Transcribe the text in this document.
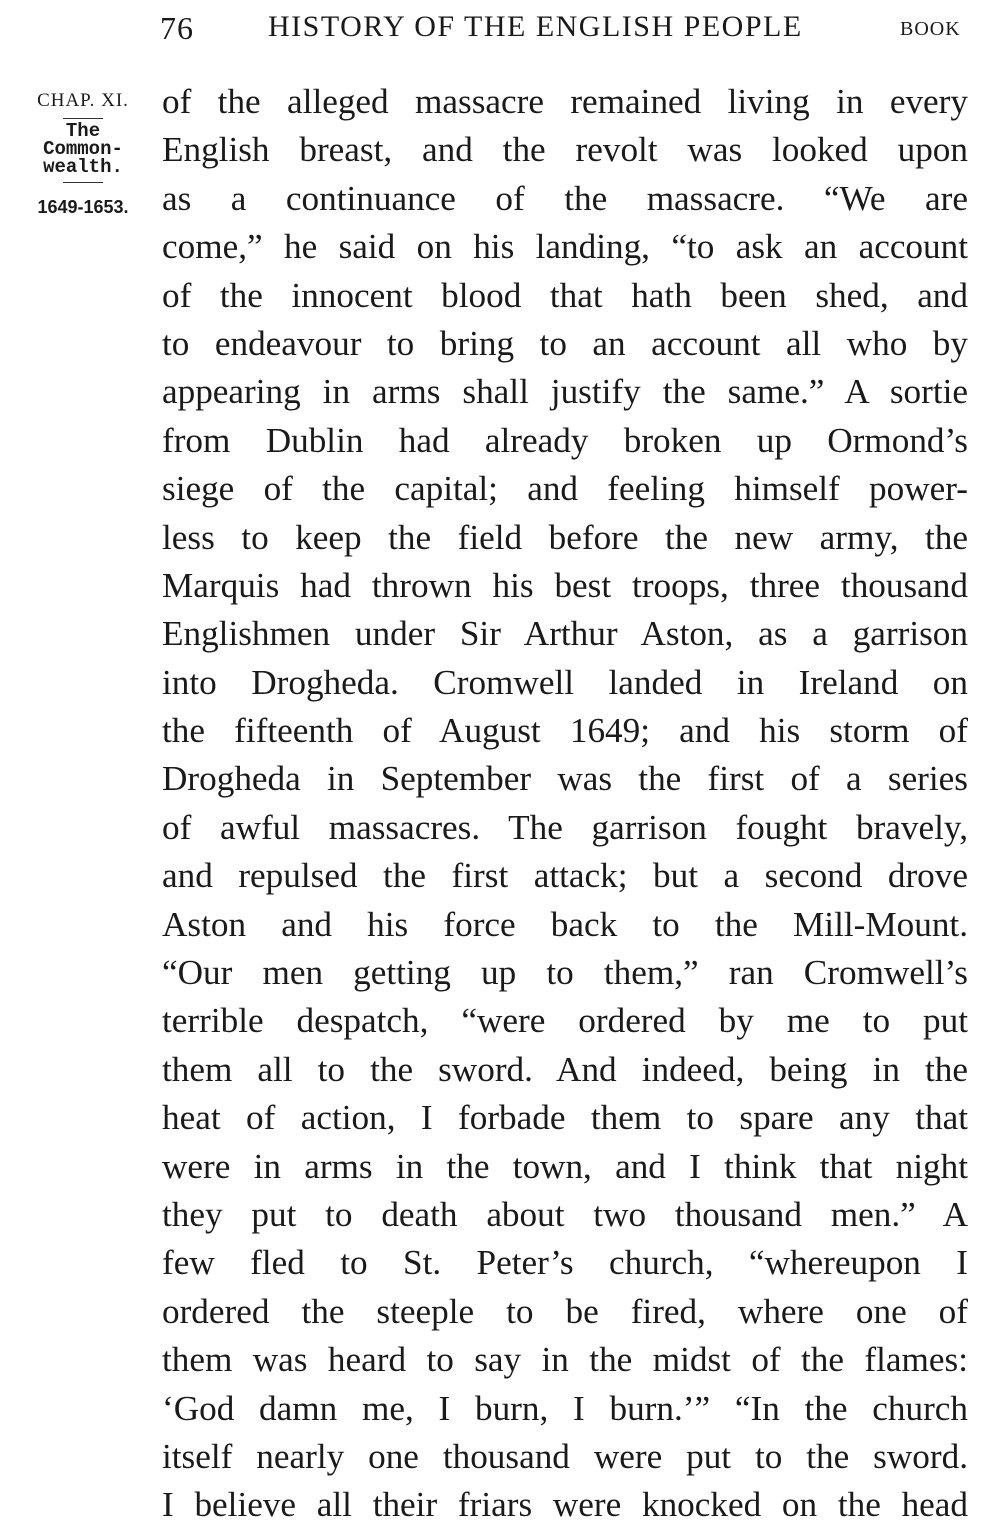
76 HISTORY OF THE ENGLISH PEOPLE	BOOK
CHAP. XI.
The
Common-
wealth.
1649-1653.
of the alleged massacre remained living in every
English breast, and the revolt was looked upon
as a continuance of the massacre. “We are
come,” he said on his landing, “to ask an account
of the innocent blood that hath been shed, and
to endeavour to bring to an account all who by
appearing in arms shall justify the same.” A sortie
from Dublin had already broken up Ormond’s
siege of the capital; and feeling himself power-
less to keep the field before the new army, the
Marquis had thrown his best troops, three thousand
Englishmen under Sir Arthur Aston, as a garrison
into Drogheda. Cromwell landed in Ireland on
the fifteenth of August 1649; and his storm of
Drogheda in September was the first of a series
of awful massacres. The garrison fought bravely,
and repulsed the first attack; but a second drove
Aston and his force back to the Mill-Mount.
“Our men getting up to them,” ran Cromwell’s
terrible despatch, “were ordered by me to put
them all to the sword. And indeed, being in the
heat of action, I forbade them to spare any that
were in arms in the town, and I think that night
they put to death about two thousand men.” A
few fled to St. Peter’s church, “whereupon I
ordered the steeple to be fired, where one of
them was heard to say in the midst of the flames:
‘God damn me, I burn, I burn.’” “In the church
itself nearly one thousand were put to the sword.
I believe all their friars were knocked on the head
